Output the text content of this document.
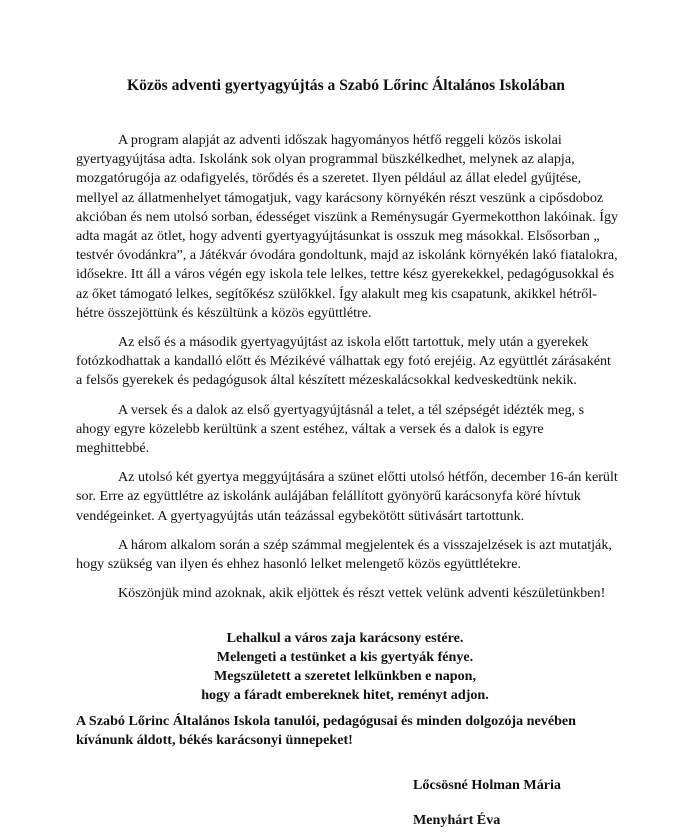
Közös adventi gyertyagyújtás a Szabó Lőrinc Általános Iskolában

A program alapját az adventi időszak hagyományos hétfő reggeli közös iskolai gyertyagyújtása adta. Iskolánk sok olyan programmal büszkélkedhet, melynek az alapja, mozgatórugója az odafigyelés, törődés és a szeretet. Ilyen például az állat eledel gyűjtése, mellyel az állatmenhelyet támogatjuk, vagy karácsony környékén részt veszünk a cipősdoboz akcióban és nem utolsó sorban, édességet viszünk a Reménysugár Gyermekotthon lakóinak. Így adta magát az ötlet, hogy adventi gyertyagyújtásunkat is osszuk meg másokkal. Elsősorban „ testvér óvodánkra”, a Játékvár óvodára gondoltunk, majd az iskolánk környékén lakó fiatalokra, idősekre. Itt áll a város végén egy iskola tele lelkes, tettre kész gyerekekkel, pedagógusokkal és az őket támogató lelkes, segítőkész szülőkkel. Így alakult meg kis csapatunk, akikkel hétről-hétre összejöttünk és készültünk a közös együttlétre.

Az első és a második gyertyagyújtást az iskola előtt tartottuk, mely után a gyerekek fotózkodhattak a kandalló előtt és Mézikévé válhattak egy fotó erejéig. Az együttlét zárásaként a felsős gyerekek és pedagógusok által készített mézeskalácsokkal kedveskedtünk nekik.

A versek és a dalok az első gyertyagyújtásnál a telet, a tél szépségét idézték meg, s ahogy egyre közelebb kerültünk a szent estéhez, váltak a versek és a dalok is egyre meghittebbé.

Az utolsó két gyertya meggyújtására a szünet előtti utolsó hétfőn, december 16-án került sor. Erre az együttlétre az iskolánk aulájában felállított gyönyörű karácsonyfa köré hívtuk vendégeinket. A gyertyagyújtás után teázással egybekötött sütivásárt tartottunk.

A három alkalom során a szép számmal megjelentek és a visszajelzések is azt mutatják, hogy szükség van ilyen és ehhez hasonló lelket melengető közös együttlétekre.

Köszönjük mind azoknak, akik eljöttek és részt vettek velünk adventi készületünkben!

Lehalkul a város zaja karácsony estére.
Melengeti a testünket a kis gyertyák fénye.
Megszületett a szeretet lelkünkben e napon,
hogy a fáradt embereknek hitet, reményt adjon.
A Szabó Lőrinc Általános Iskola tanulói, pedagógusai és minden dolgozója nevében kívánunk áldott, békés karácsonyi ünnepeket!
Lőcsösné Holman Mária
Menyhárt Éva
